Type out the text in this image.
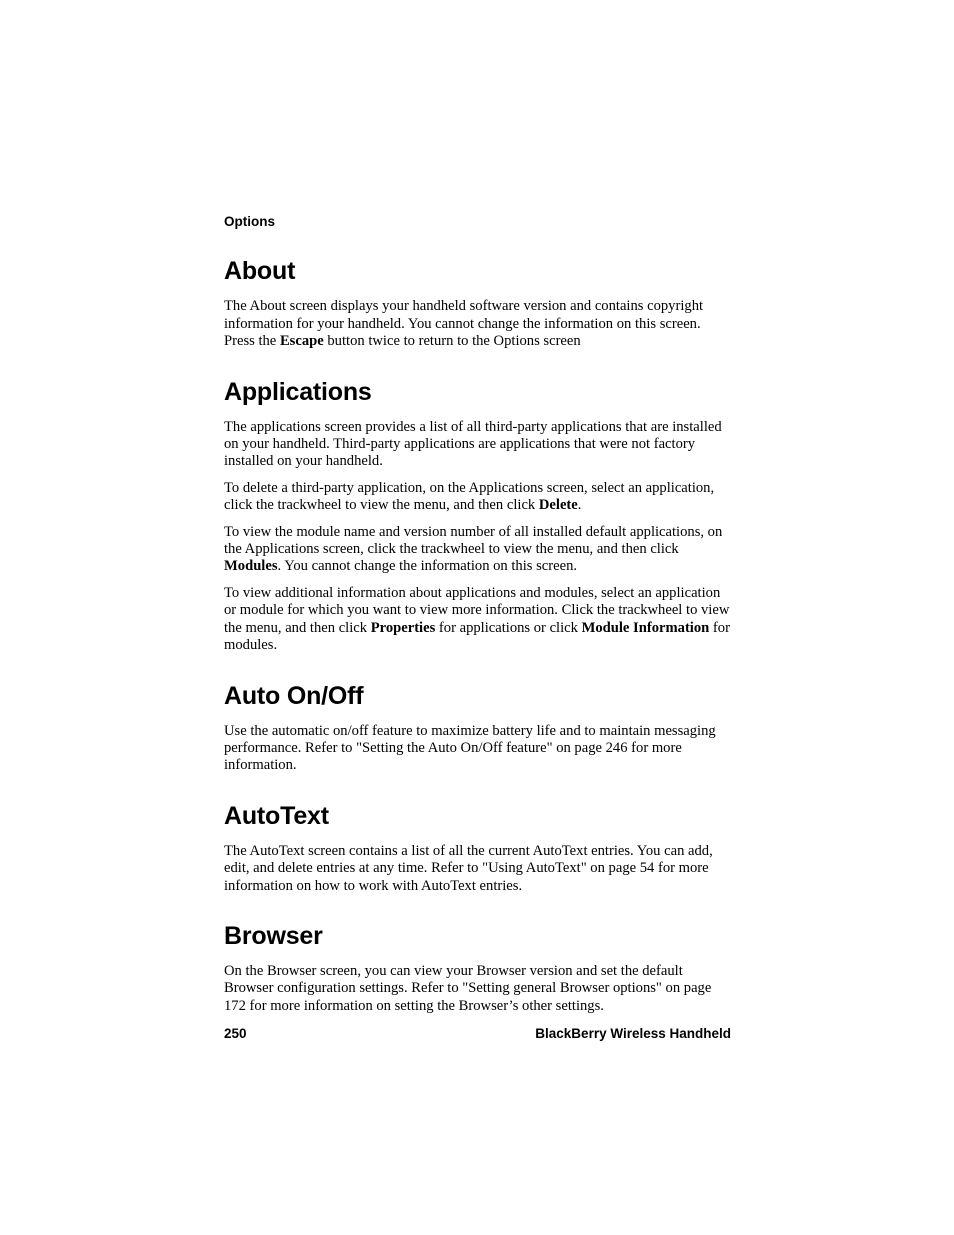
Options
About

The About screen displays your handheld software version and contains copyright information for your handheld. You cannot change the information on this screen. Press the Escape button twice to return to the Options screen

Applications

The applications screen provides a list of all third-party applications that are installed on your handheld. Third-party applications are applications that were not factory installed on your handheld.

To delete a third-party application, on the Applications screen, select an application, click the trackwheel to view the menu, and then click Delete.

To view the module name and version number of all installed default applications, on the Applications screen, click the trackwheel to view the menu, and then click Modules. You cannot change the information on this screen.

To view additional information about applications and modules, select an application or module for which you want to view more information. Click the trackwheel to view the menu, and then click Properties for applications or click Module Information for modules.

Auto On/Off

Use the automatic on/off feature to maximize battery life and to maintain messaging performance. Refer to "Setting the Auto On/Off feature" on page 246 for more information.

AutoText

The AutoText screen contains a list of all the current AutoText entries. You can add, edit, and delete entries at any time. Refer to "Using AutoText" on page 54 for more information on how to work with AutoText entries.

Browser

On the Browser screen, you can view your Browser version and set the default Browser configuration settings. Refer to "Setting general Browser options" on page 172 for more information on setting the Browser’s other settings.

250	BlackBerry Wireless Handheld
